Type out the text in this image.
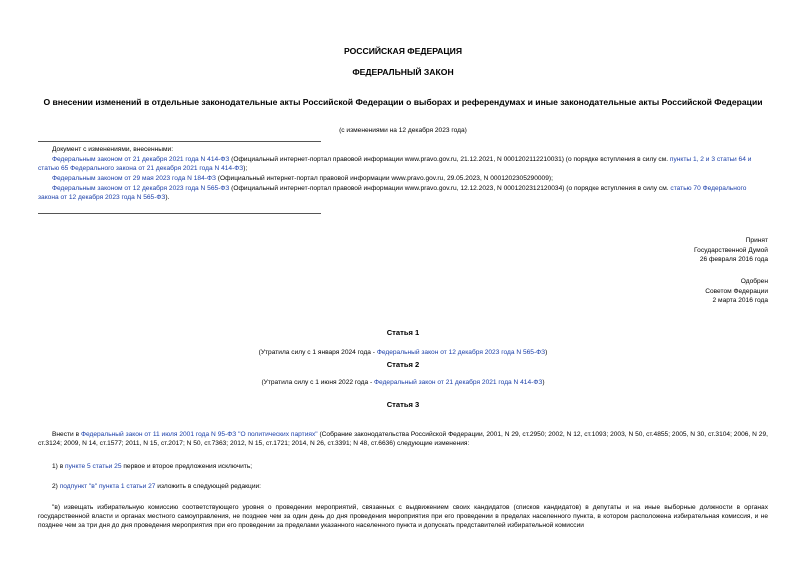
РОССИЙСКАЯ ФЕДЕРАЦИЯ
ФЕДЕРАЛЬНЫЙ ЗАКОН
О внесении изменений в отдельные законодательные акты Российской Федерации о выборах и референдумах и иные законодательные акты Российской Федерации
(с изменениями на 12 декабря 2023 года)

Документ с изменениями, внесенными:

Федеральным законом от 21 декабря 2021 года N 414-ФЗ (Официальный интернет-портал правовой информации www.pravo.gov.ru, 21.12.2021, N 0001202112210031) (о порядке вступления в силу см. пункты 1, 2 и 3 статьи 64 и статью 65 Федерального закона от 21 декабря 2021 года N 414-ФЗ);

Федеральным законом от 29 мая 2023 года N 184-ФЗ (Официальный интернет-портал правовой информации www.pravo.gov.ru, 29.05.2023, N 0001202305290009);

Федеральным законом от 12 декабря 2023 года N 565-ФЗ (Официальный интернет-портал правовой информации www.pravo.gov.ru, 12.12.2023, N 0001202312120034) (о порядке вступления в силу см. статью 70 Федерального закона от 12 декабря 2023 года N 565-ФЗ).

Принят
Государственной Думой
26 февраля 2016 года
Одобрен
Советом Федерации
2 марта 2016 года
Статья 1
(Утратила силу с 1 января 2024 года - Федеральный закон от 12 декабря 2023 года N 565-ФЗ)
Статья 2
(Утратила силу с 1 июня 2022 года - Федеральный закон от 21 декабря 2021 года N 414-ФЗ)
Статья 3
Внести в Федеральный закон от 11 июля 2001 года N 95-ФЗ "О политических партиях" (Собрание законодательства Российской Федерации, 2001, N 29, ст.2950; 2002, N 12, ст.1093; 2003, N 50, ст.4855; 2005, N 30, ст.3104; 2006, N 29, ст.3124; 2009, N 14, ст.1577; 2011, N 15, ст.2017; N 50, ст.7363; 2012, N 15, ст.1721; 2014, N 26, ст.3391; N 48, ст.6636) следующие изменения:
1) в пункте 5 статьи 25 первое и второе предложения исключить;
2) подпункт "в" пункта 1 статьи 27 изложить в следующей редакции:
"в) извещать избирательную комиссию соответствующего уровня о проведении мероприятий, связанных с выдвижением своих кандидатов (списков кандидатов) в депутаты и на иные выборные должности в органах государственной власти и органах местного самоуправления, не позднее чем за один день до дня проведения мероприятия при его проведении в пределах населенного пункта, в котором расположена избирательная комиссия, и не позднее чем за три дня до дня проведения мероприятия при его проведении за пределами указанного населенного пункта и допускать представителей избирательной комиссии
